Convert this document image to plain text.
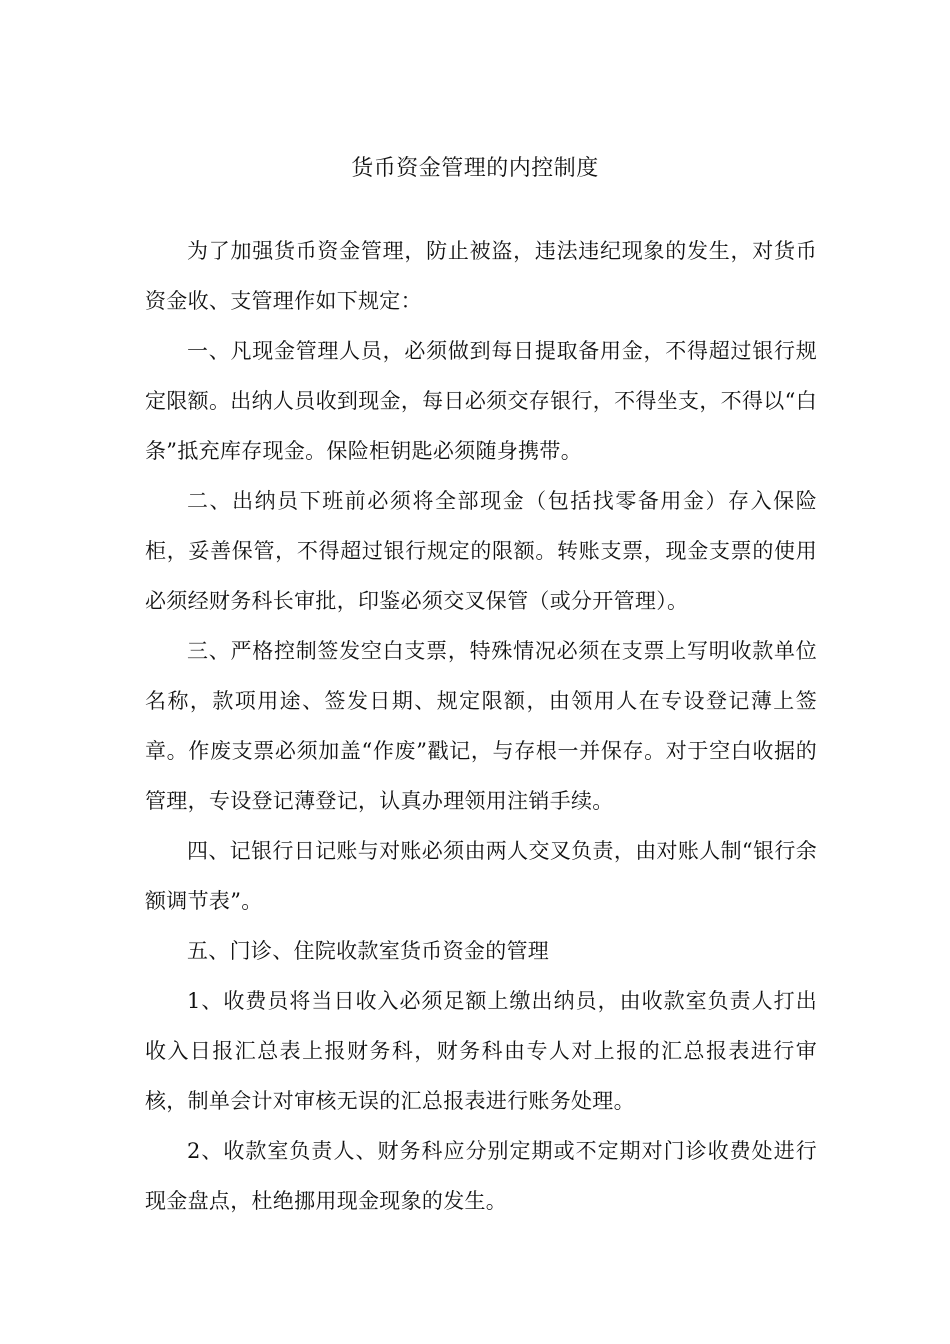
货币资金管理的内控制度

为了加强货币资金管理，防止被盗，违法违纪现象的发生，对货币资金收、支管理作如下规定：

一、凡现金管理人员，必须做到每日提取备用金，不得超过银行规定限额。出纳人员收到现金，每日必须交存银行，不得坐支，不得以“白条”抵充库存现金。保险柜钥匙必须随身携带。

二、出纳员下班前必须将全部现金（包括找零备用金）存入保险柜，妥善保管，不得超过银行规定的限额。转账支票，现金支票的使用必须经财务科长审批，印鉴必须交叉保管（或分开管理）。

三、严格控制签发空白支票，特殊情况必须在支票上写明收款单位名称，款项用途、签发日期、规定限额，由领用人在专设登记薄上签章。作废支票必须加盖“作废”戳记，与存根一并保存。对于空白收据的管理，专设登记薄登记，认真办理领用注销手续。

四、记银行日记账与对账必须由两人交叉负责，由对账人制“银行余额调节表”。

五、门诊、住院收款室货币资金的管理

1、收费员将当日收入必须足额上缴出纳员，由收款室负责人打出收入日报汇总表上报财务科，财务科由专人对上报的汇总报表进行审核，制单会计对审核无误的汇总报表进行账务处理。

2、收款室负责人、财务科应分别定期或不定期对门诊收费处进行现金盘点，杜绝挪用现金现象的发生。
